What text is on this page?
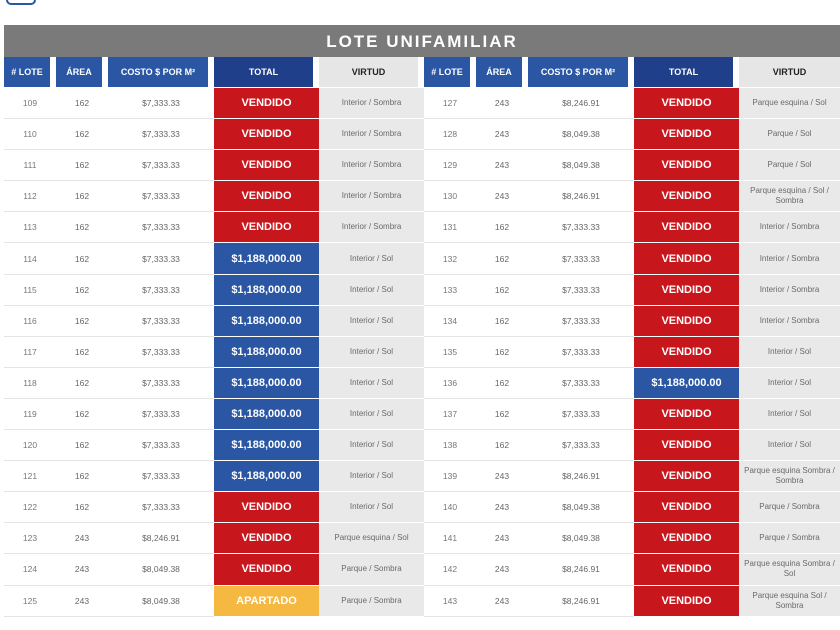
LOTE UNIFAMILIAR
# LOTE	ÁREA	COSTO $ POR M²	TOTAL	VIRTUD	# LOTE	ÁREA	COSTO $ POR M²	TOTAL	VIRTUD
109	162	$7,333.33	VENDIDO	Interior / Sombra	127	243	$8,246.91	VENDIDO	Parque esquina / Sol
110	162	$7,333.33	VENDIDO	Interior / Sombra	128	243	$8,049.38	VENDIDO	Parque / Sol
111	162	$7,333.33	VENDIDO	Interior / Sombra	129	243	$8,049.38	VENDIDO	Parque / Sol
112	162	$7,333.33	VENDIDO	Interior / Sombra	130	243	$8,246.91	VENDIDO	Parque esquina / Sol / Sombra
113	162	$7,333.33	VENDIDO	Interior / Sombra	131	162	$7,333.33	VENDIDO	Interior / Sombra
114	162	$7,333.33	$1,188,000.00	Interior / Sol	132	162	$7,333.33	VENDIDO	Interior / Sombra
115	162	$7,333.33	$1,188,000.00	Interior / Sol	133	162	$7,333.33	VENDIDO	Interior / Sombra
116	162	$7,333.33	$1,188,000.00	Interior / Sol	134	162	$7,333.33	VENDIDO	Interior / Sombra
117	162	$7,333.33	$1,188,000.00	Interior / Sol	135	162	$7,333.33	VENDIDO	Interior / Sol
118	162	$7,333.33	$1,188,000.00	Interior / Sol	136	162	$7,333.33	$1,188,000.00	Interior / Sol
119	162	$7,333.33	$1,188,000.00	Interior / Sol	137	162	$7,333.33	VENDIDO	Interior / Sol
120	162	$7,333.33	$1,188,000.00	Interior / Sol	138	162	$7,333.33	VENDIDO	Interior / Sol
121	162	$7,333.33	$1,188,000.00	Interior / Sol	139	243	$8,246.91	VENDIDO	Parque esquina Sombra / Sombra
122	162	$7,333.33	VENDIDO	Interior / Sol	140	243	$8,049.38	VENDIDO	Parque / Sombra
123	243	$8,246.91	VENDIDO	Parque esquina / Sol	141	243	$8,049.38	VENDIDO	Parque / Sombra
124	243	$8,049.38	VENDIDO	Parque / Sombra	142	243	$8,246.91	VENDIDO	Parque esquina Sombra / Sol
125	243	$8,049.38	APARTADO	Parque / Sombra	143	243	$8,246.91	VENDIDO	Parque esquina Sol / Sombra
